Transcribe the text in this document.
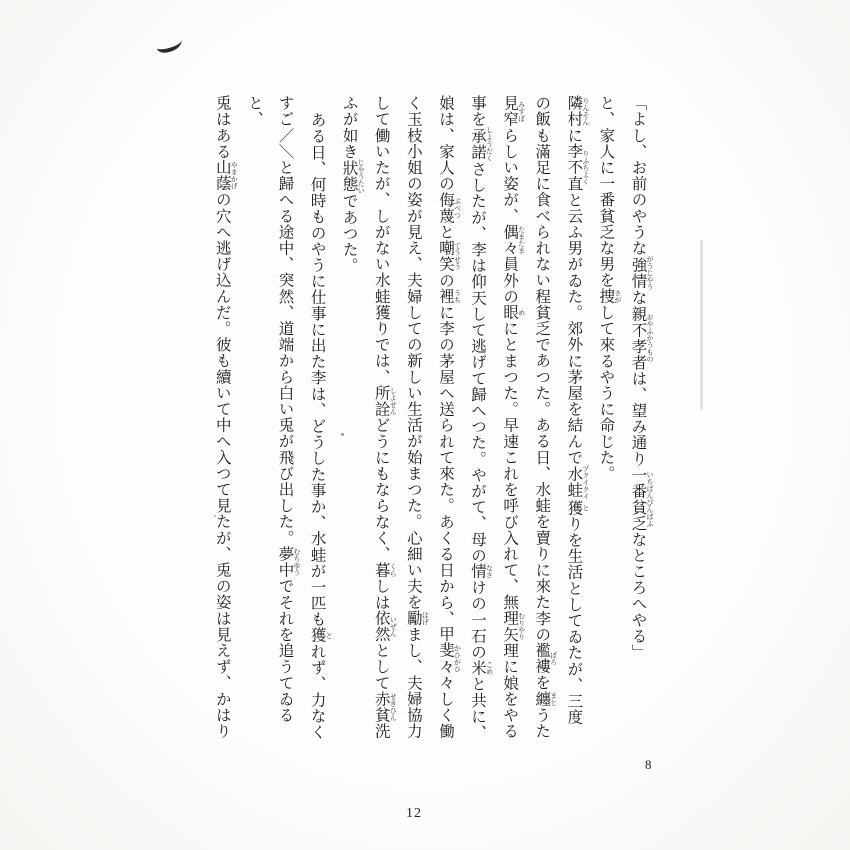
「よし、お前のやうな強情 がうじやうな親不孝者 おやふかうものは、望み通り一番貧乏 いちばんびんばふなところへやる」
と、家人に一番貧乏な男を捜 さがして來るやうに命じた。
隣村 りんそんに李不直 りふちよくと云ふ男がゐた。郊外に茅屋を結んで水蛙 ヅクイクイ獲 とりを生活としてゐたが、三度
の飯も滿足に食べられない程貧乏であつた。ある日、水蛙を賣りに來た李の襤褸 ぼろを纏 まとうた
見窄 みすぼらしい姿が、偶々 たまたま員外の眼 めにとまつた。早速これを呼び入れて、無理矢理 むりやりに娘をやる
事を承諾 しようだくさしたが、李は仰天して逃げて歸へつた。やがて、母の情 なさけの一石の米 こめと共に、
娘は、家人の侮蔑 ぶべつと嘲笑 てうせうの裡 うちに李の茅屋へ送られて來た。あくる日から、甲斐々々 かひがひしく働
く玉枝小姐の姿が見え、夫婦しての新しい生活が始まつた。心細い夫を勵 はげまし、夫婦協力
して働いたが、しがない水蛙獲りでは、所詮 しよせんどうにもならなく、暮 くらしは依然 いぜんとして赤貧 せきひん洗
ふが如き狀態 じやうたいであつた。
ある日、何時ものやうに仕事に出た李は、どうした事か、水蛙が一匹も獲 とれず、力なく
すご／＼と歸へる途中、突然、道端から白い兎が飛び出した。夢中 むちゆうでそれを追うてゐると、
兎はある山蔭 やまかげの穴へ逃げ込んだ。彼も續いて中へ入つて見たが、兎の姿は見えず、かはり
8
12
